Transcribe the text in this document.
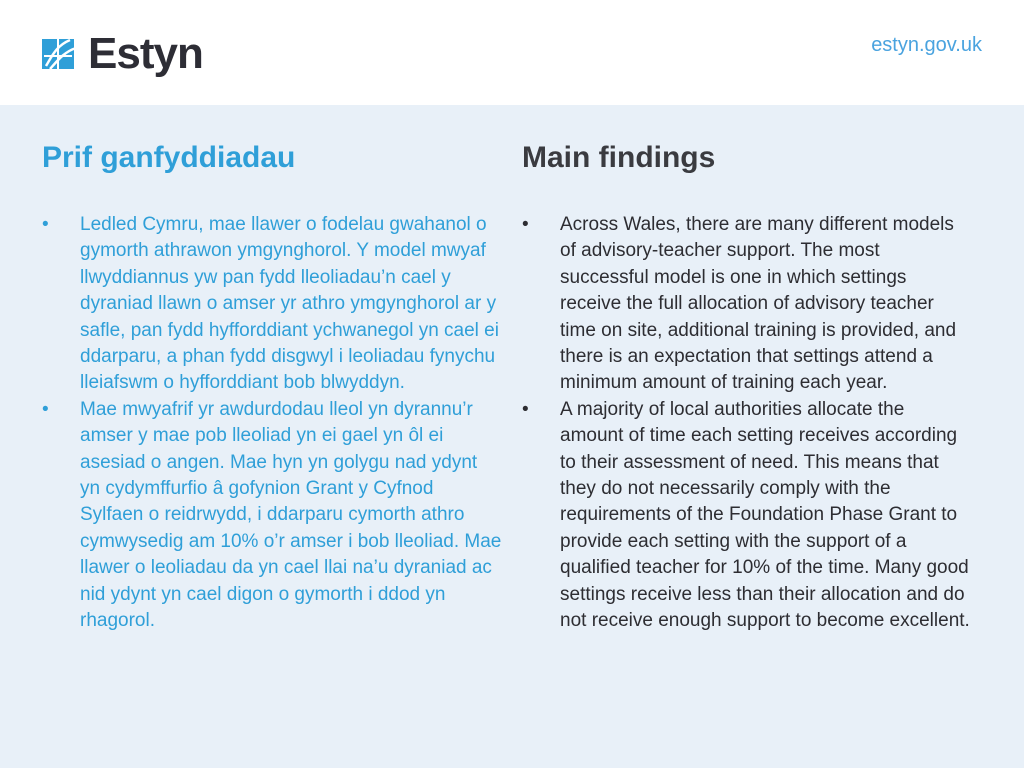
Estyn	estyn.gov.uk
Prif ganfyddiadau
• Ledled Cymru, mae llawer o fodelau gwahanol o gymorth athrawon ymgynghorol. Y model mwyaf llwyddiannus yw pan fydd lleoliadau’n cael y dyraniad llawn o amser yr athro ymgynghorol ar y safle, pan fydd hyfforddiant ychwanegol yn cael ei ddarparu, a phan fydd disgwyl i leoliadau fynychu lleiafswm o hyfforddiant bob blwyddyn.
• Mae mwyafrif yr awdurdodau lleol yn dyrannu’r amser y mae pob lleoliad yn ei gael yn ôl ei asesiad o angen. Mae hyn yn golygu nad ydynt yn cydymffurfio â gofynion Grant y Cyfnod Sylfaen o reidrwydd, i ddarparu cymorth athro cymwysedig am 10% o’r amser i bob lleoliad. Mae llawer o leoliadau da yn cael llai na’u dyraniad ac nid ydynt yn cael digon o gymorth i ddod yn rhagorol.
Main findings
• Across Wales, there are many different models of advisory-teacher support. The most successful model is one in which settings receive the full allocation of advisory teacher time on site, additional training is provided, and there is an expectation that settings attend a minimum amount of training each year.
• A majority of local authorities allocate the amount of time each setting receives according to their assessment of need. This means that they do not necessarily comply with the requirements of the Foundation Phase Grant to provide each setting with the support of a qualified teacher for 10% of the time. Many good settings receive less than their allocation and do not receive enough support to become excellent.
